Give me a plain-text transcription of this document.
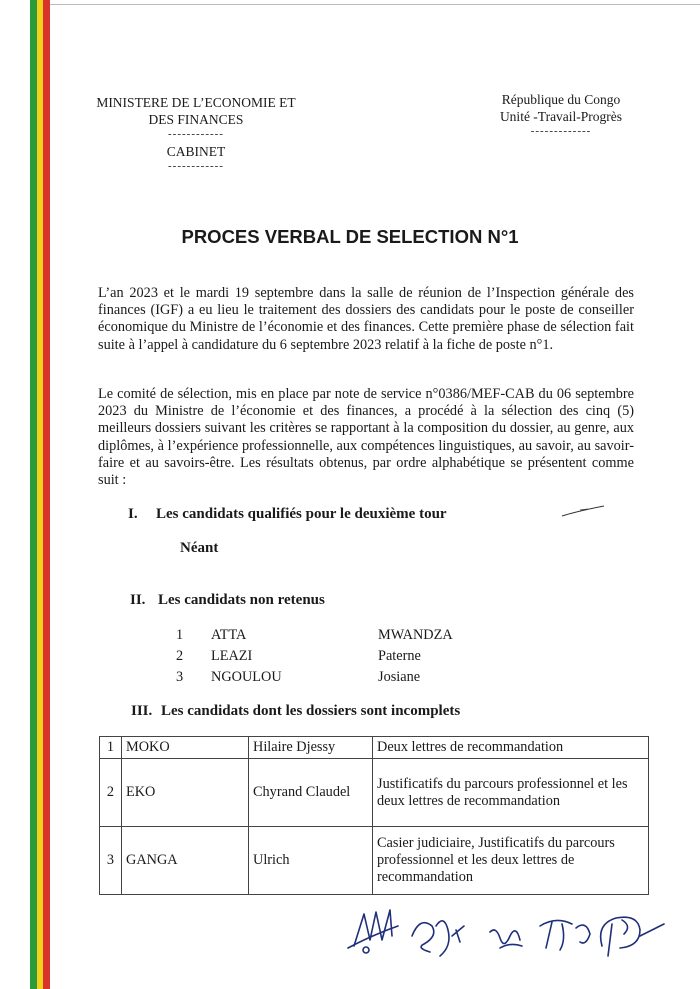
MINISTERE DE L’ECONOMIE ET
DES FINANCES
------------
CABINET
------------
République du Congo
Unité -Travail-Progrès
-------------
PROCES VERBAL DE SELECTION N°1

L’an 2023 et le mardi 19 septembre dans la salle de réunion de l’Inspection générale des finances (IGF) a eu lieu le traitement des dossiers des candidats pour le poste de conseiller économique du Ministre de l’économie et des finances. Cette première phase de sélection fait suite à l’appel à candidature du 6 septembre 2023 relatif à la fiche de poste n°1.

Le comité de sélection, mis en place par note de service n°0386/MEF-CAB du 06 septembre 2023 du Ministre de l’économie et des finances, a procédé à la sélection des cinq (5) meilleurs dossiers suivant les critères se rapportant à la composition du dossier, au genre, aux diplômes, à l’expérience professionnelle, aux compétences linguistiques, au savoir, au savoir-faire et au savoirs-être. Les résultats obtenus, par ordre alphabétique se présentent comme suit :

I. Les candidats qualifiés pour le deuxième tour
Néant
II. Les candidats non retenus
1 ATTA	MWANDZA
2 LEAZI	Paterne
3 NGOULOU	Josiane
III. Les candidats dont les dossiers sont incomplets
1	MOKO	Hilaire Djessy	Deux lettres de recommandation
2	EKO	Chyrand Claudel	Justificatifs du parcours professionnel et les deux lettres de recommandation
3	GANGA	Ulrich	Casier judiciaire, Justificatifs du parcours professionnel et les deux lettres de recommandation
